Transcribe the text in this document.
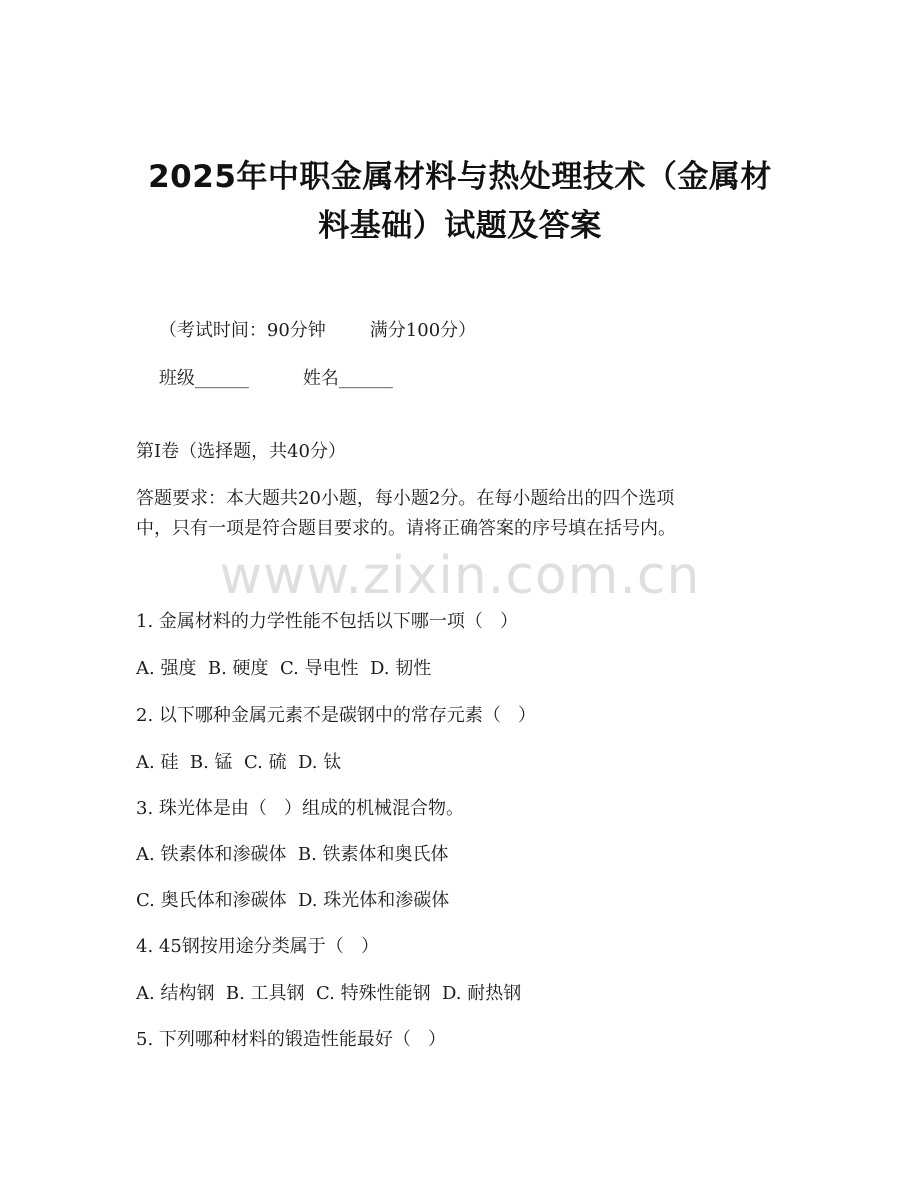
2025年中职金属材料与热处理技术（金属材
料基础）试题及答案

（考试时间：90分钟 满分100分）

班级______	姓名______

第I卷（选择题，共40分）
答题要求：本大题共20小题，每小题2分。在每小题给出的四个选项
中，只有一项是符合题目要求的。请将正确答案的序号填在括号内。
www.zixin.com.cn
1. 金属材料的力学性能不包括以下哪一项（   ）
A. 强度  B. 硬度  C. 导电性  D. 韧性
2. 以下哪种金属元素不是碳钢中的常存元素（   ）
A. 硅  B. 锰  C. 硫  D. 钛
3. 珠光体是由（   ）组成的机械混合物。
A. 铁素体和渗碳体  B. 铁素体和奥氏体
C. 奥氏体和渗碳体  D. 珠光体和渗碳体
4. 45钢按用途分类属于（   ）
A. 结构钢  B. 工具钢  C. 特殊性能钢  D. 耐热钢
5. 下列哪种材料的锻造性能最好（   ）
